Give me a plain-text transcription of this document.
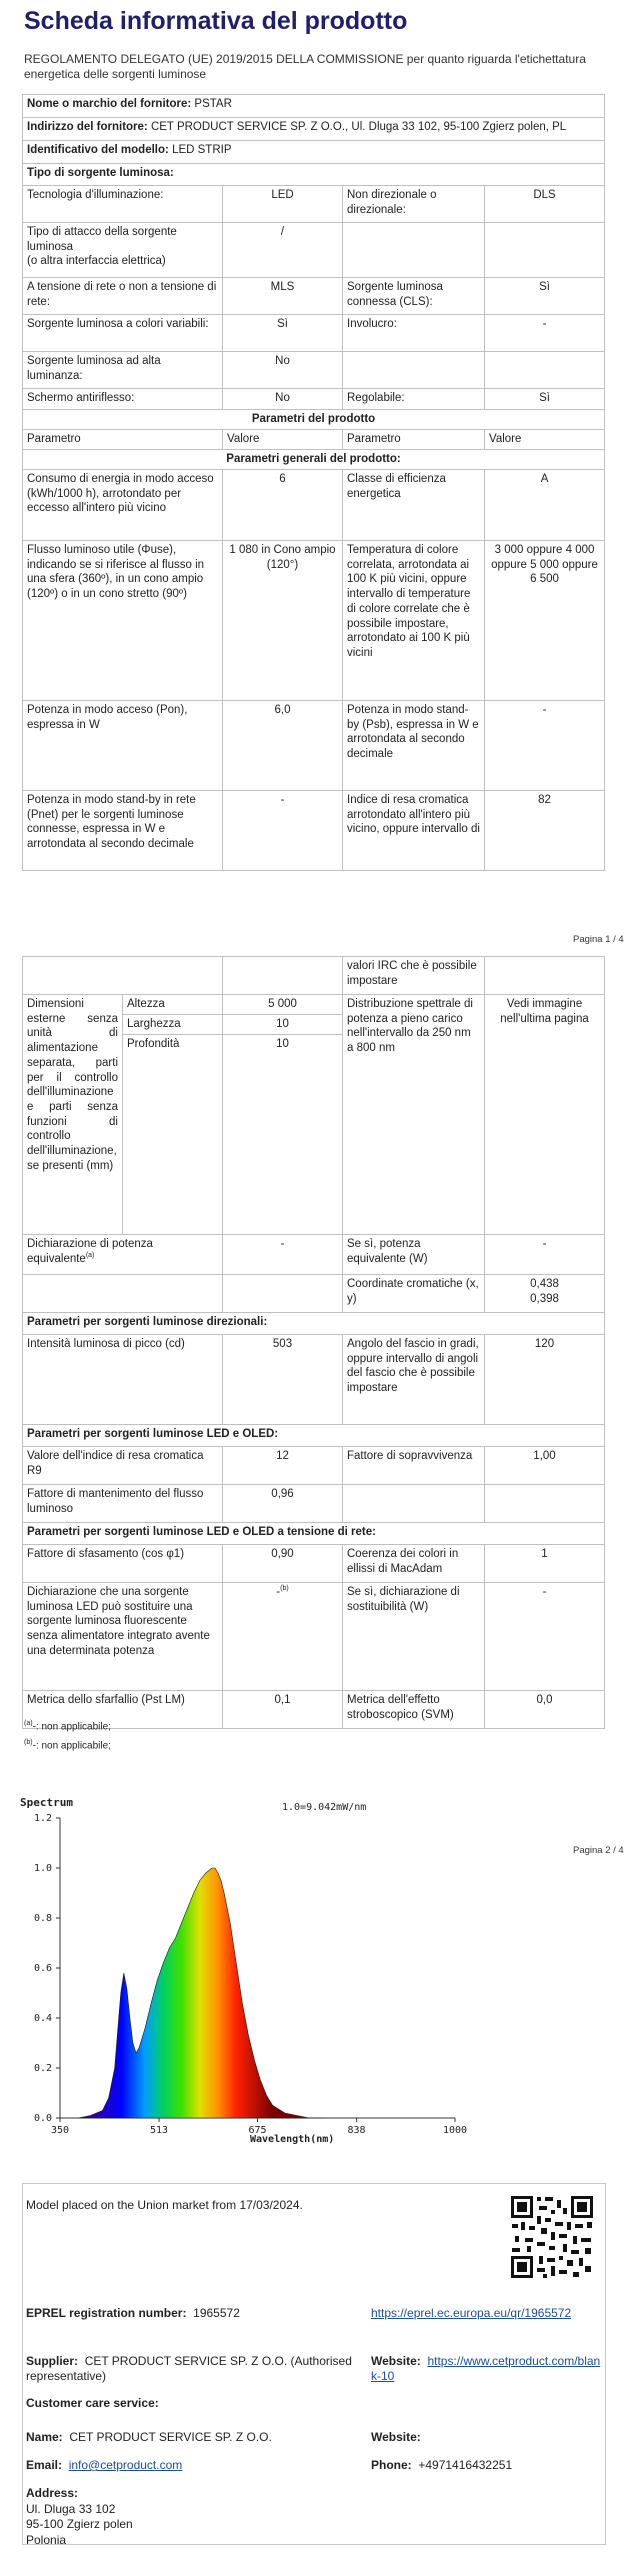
Scheda informativa del prodotto
REGOLAMENTO DELEGATO (UE) 2019/2015 DELLA COMMISSIONE per quanto riguarda l'etichettatura energetica delle sorgenti luminose
Nome o marchio del fornitore: PSTAR			
Indirizzo del fornitore: CET PRODUCT SERVICE SP. Z O.O., Ul. Dluga 33 102, 95-100 Zgierz polen, PL			
Identificativo del modello: LED STRIP			
Tipo di sorgente luminosa:			
Tecnologia d'illuminazione:	LED	Non direzionale o direzionale:	DLS
Tipo di attacco della sorgente luminosa
(o altra interfaccia elettrica)	/		
A tensione di rete o non a tensione di rete:	MLS	Sorgente luminosa connessa (CLS):	Sì
Sorgente luminosa a colori variabili:	Sì	Involucro:	-
Sorgente luminosa ad alta luminanza:	No		
Schermo antiriflesso:	No	Regolabile:	Sì
Parametri del prodotto			
Parametro	Valore	Parametro	Valore
Parametri generali del prodotto:			
Consumo di energia in modo acceso (kWh/1000 h), arrotondato per eccesso all'intero più vicino	6	Classe di efficienza energetica	A
Flusso luminoso utile (Φuse), indicando se si riferisce al flusso in una sfera (360º), in un cono ampio (120º) o in un cono stretto (90º)	1 080 in Cono ampio (120°)	Temperatura di colore correlata, arrotondata ai 100 K più vicini, oppure intervallo di temperature di colore correlate che è possibile impostare, arrotondato ai 100 K più vicini	3 000 oppure 4 000 oppure 5 000 oppure 6 500
Potenza in modo acceso (Pon), espressa in W	6,0	Potenza in modo stand-by (Psb), espressa in W e arrotondata al secondo decimale	-
Potenza in modo stand-by in rete (Pnet) per le sorgenti luminose connesse, espressa in W e arrotondata al secondo decimale	-	Indice di resa cromatica arrotondato all'intero più vicino, oppure intervallo di	82
Pagina 1 / 4
			valori IRC che è possibile impostare	
Dimensioni esterne senza unità di alimentazione separata, parti per il controllo dell'illuminazione e parti senza funzioni di controllo dell'illuminazione, se presenti (mm)	Altezza	5 000	Distribuzione spettrale di potenza a pieno carico nell'intervallo da 250 nm a 800 nm	Vedi immagine nell'ultima pagina
	Larghezza	10		
	Profondità	10		
Dichiarazione di potenza equivalente$^{(a)}$		-	Se sì, potenza equivalente (W)	-
			Coordinate cromatiche (x, y)	0,438
0,398
Parametri per sorgenti luminose direzionali:				
Intensità luminosa di picco (cd)		503	Angolo del fascio in gradi, oppure intervallo di angoli del fascio che è possibile impostare	120
Parametri per sorgenti luminose LED e OLED:				
Valore dell'indice di resa cromatica R9		12	Fattore di sopravvivenza	1,00
Fattore di mantenimento del flusso luminoso		0,96		
Parametri per sorgenti luminose LED e OLED a tensione di rete:				
Fattore di sfasamento (cos φ1)		0,90	Coerenza dei colori in ellissi di MacAdam	1
Dichiarazione che una sorgente luminosa LED può sostituire una sorgente luminosa fluorescente senza alimentatore integrato avente una determinata potenza		-$^{(b)}$	Se sì, dichiarazione di sostituibilità (W)	-
Metrica dello sfarfallio (Pst LM)		0,1	Metrica dell'effetto stroboscopico (SVM)	0,0
$^{(a)}$-: non applicabile;
$^{(b)}$-: non applicabile;
Pagina 2 / 4
Spectrum	1.0=9.042mW/nm
0.0
0.2
0.4
0.6
0.8
1.0
1.2
350	513	675	838	1000
Wavelength(nm)
Model placed on the Union market from 17/03/2024.
EPREL registration number: 1965572	https://eprel.ec.europa.eu/qr/1965572
Supplier: CET PRODUCT SERVICE SP. Z O.O. (Authorised representative)
Website: https://www.cetproduct.com/blank-10
Customer care service:
Name: CET PRODUCT SERVICE SP. Z O.O.	Website:
Email: info@cetproduct.com	Phone: +4971416432251
Address:
Ul. Dluga 33 102
95-100 Zgierz polen
Polonia
